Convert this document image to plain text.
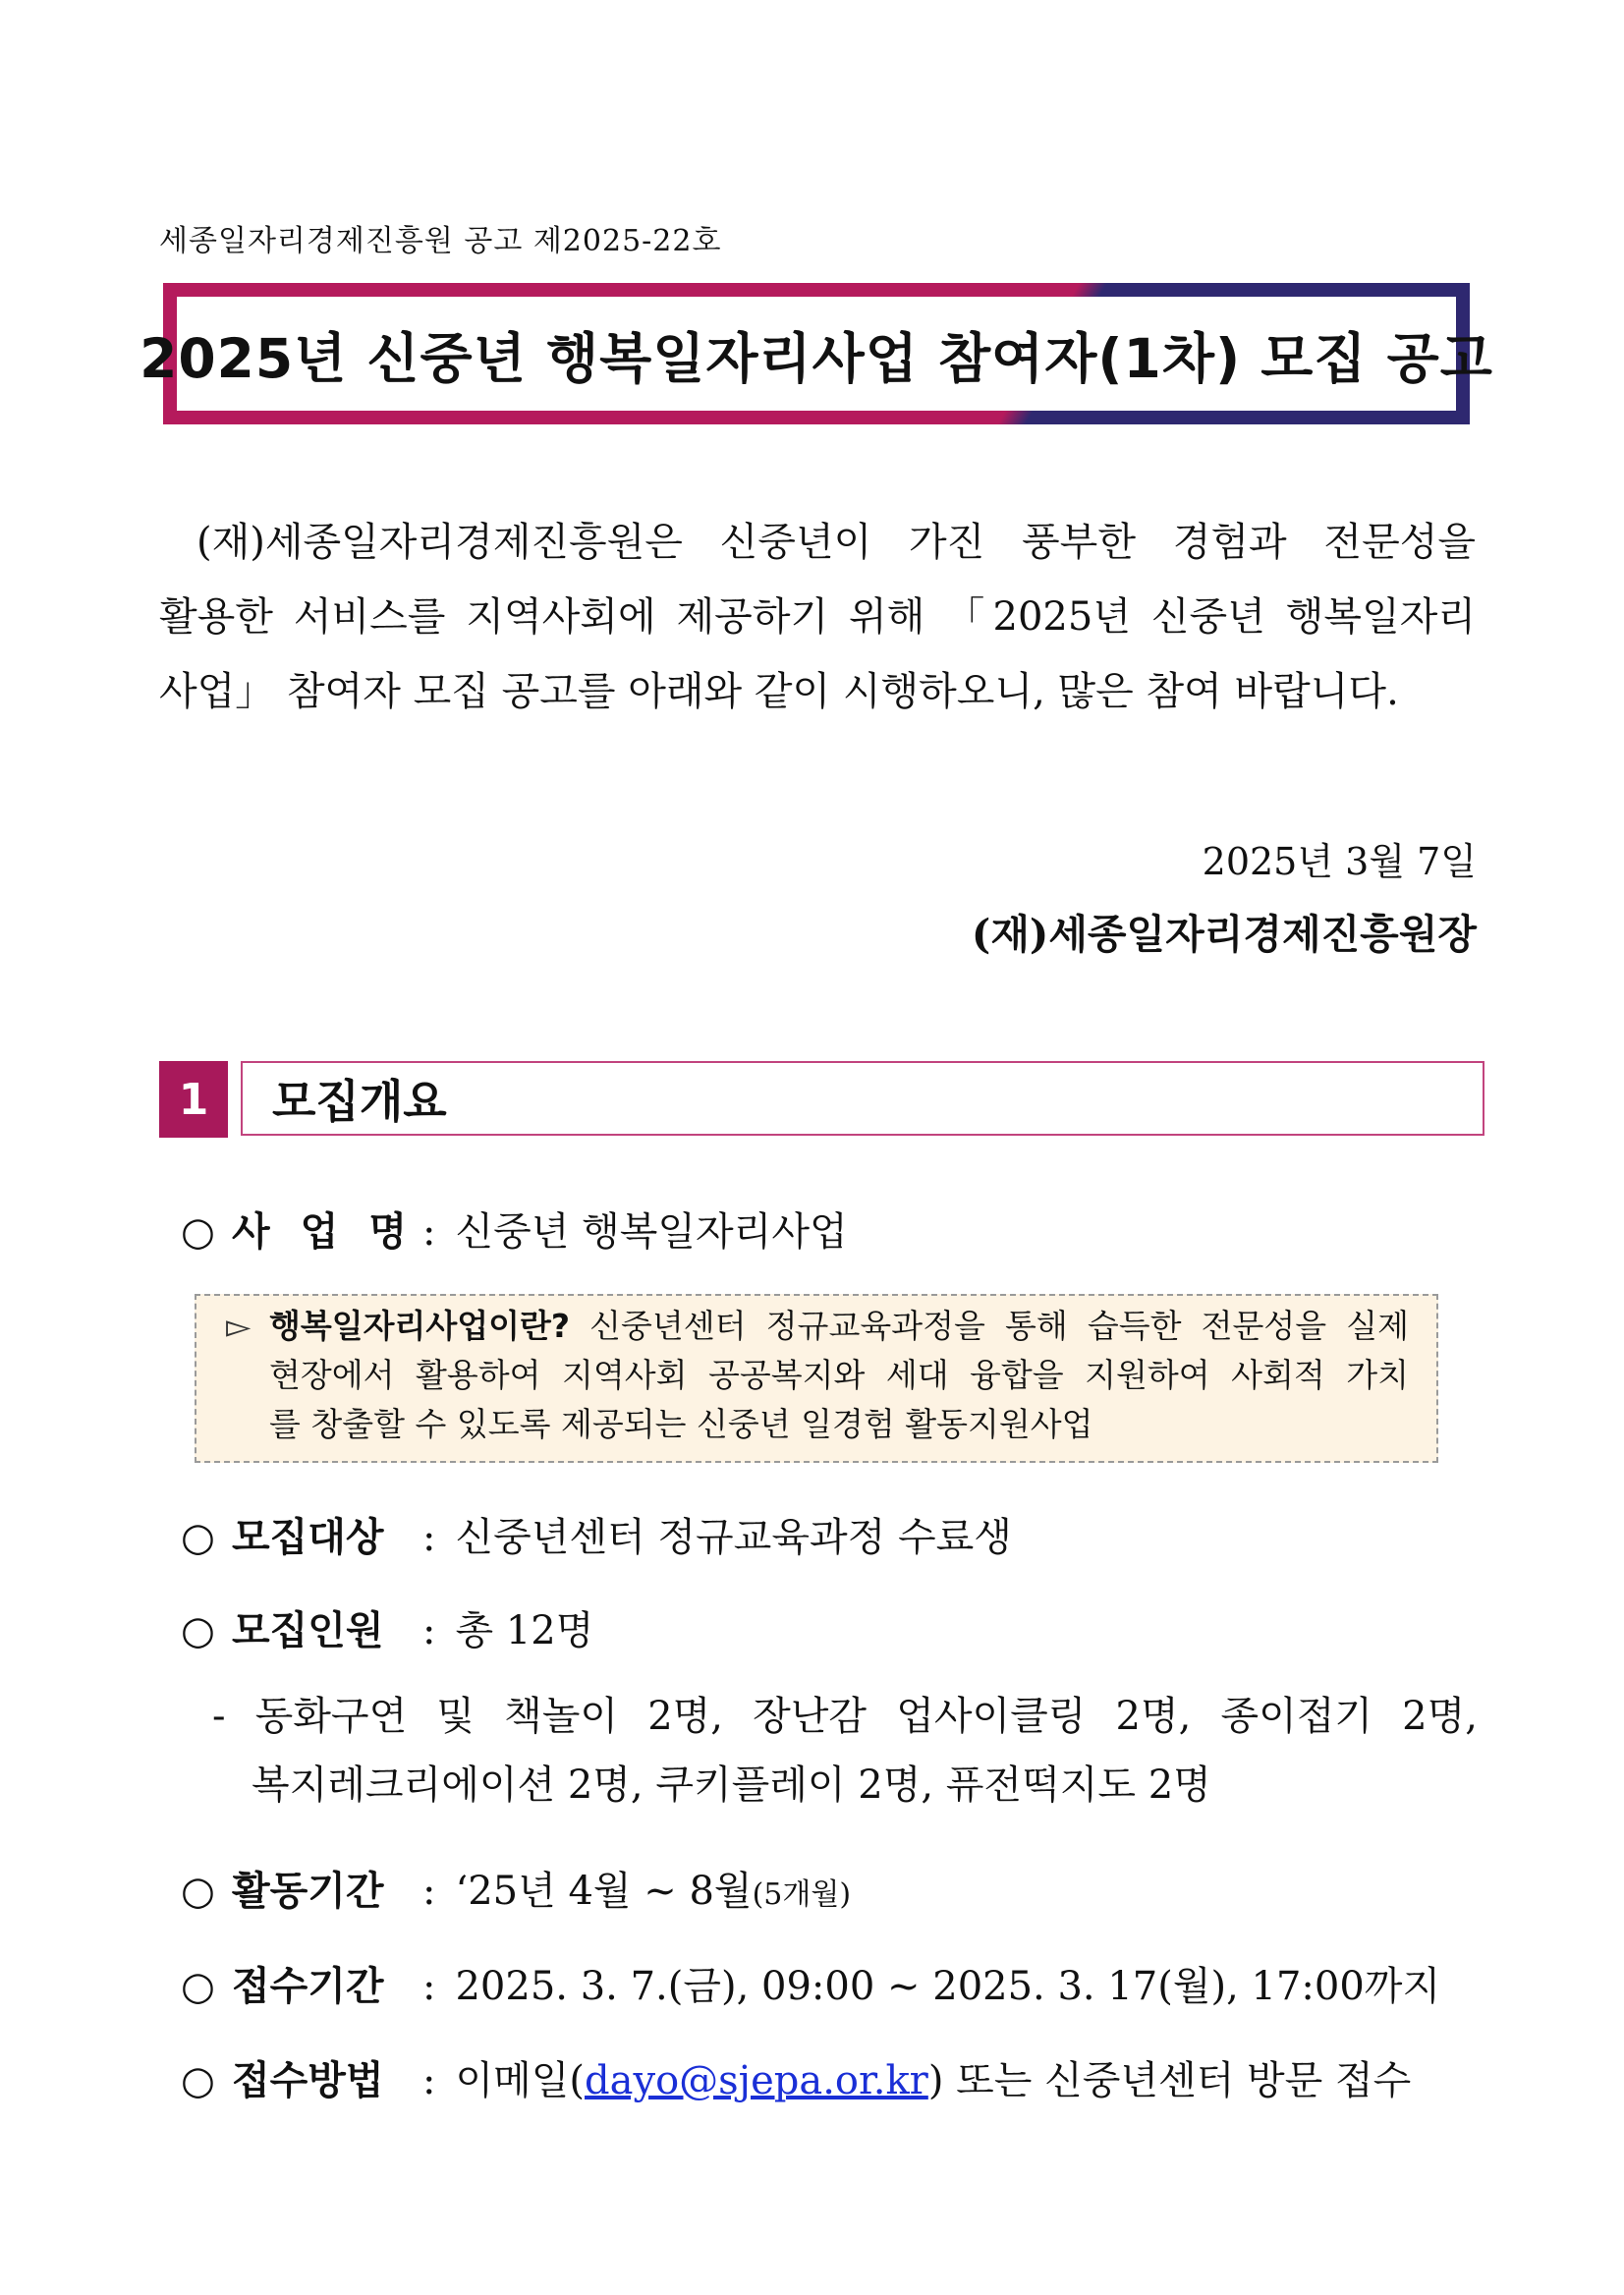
세종일자리경제진흥원 공고 제2025-22호
2025년 신중년 행복일자리사업 참여자(1차) 모집 공고

(재)세종일자리경제진흥원은 신중년이 가진 풍부한 경험과 전문성을

활용한 서비스를 지역사회에 제공하기 위해 「2025년 신중년 행복일자리

사업」 참여자 모집 공고를 아래와 같이 시행하오니, 많은 참여 바랍니다.

2025년 3월 7일
(재)세종일자리경제진흥원장
1	모집개요
○ 사 업 명 : 신중년 행복일자리사업
▻ 행복일자리사업이란? 신중년센터 정규교육과정을 통해 습득한 전문성을 실제
현장에서 활용하여 지역사회 공공복지와 세대 융합을 지원하여 사회적 가치
를 창출할 수 있도록 제공되는 신중년 일경험 활동지원사업
○ 모집대상 : 신중년센터 정규교육과정 수료생
○ 모집인원 : 총 12명
- 동화구연 및 책놀이 2명, 장난감 업사이클링 2명, 종이접기 2명,
복지레크리에이션 2명, 쿠키플레이 2명, 퓨전떡지도 2명
○ 활동기간 : ‘25년 4월 ~ 8월(5개월)
○ 접수기간 : 2025. 3. 7.(금), 09:00 ~ 2025. 3. 17(월), 17:00까지
○ 접수방법 : 이메일(dayo@sjepa.or.kr) 또는 신중년센터 방문 접수
